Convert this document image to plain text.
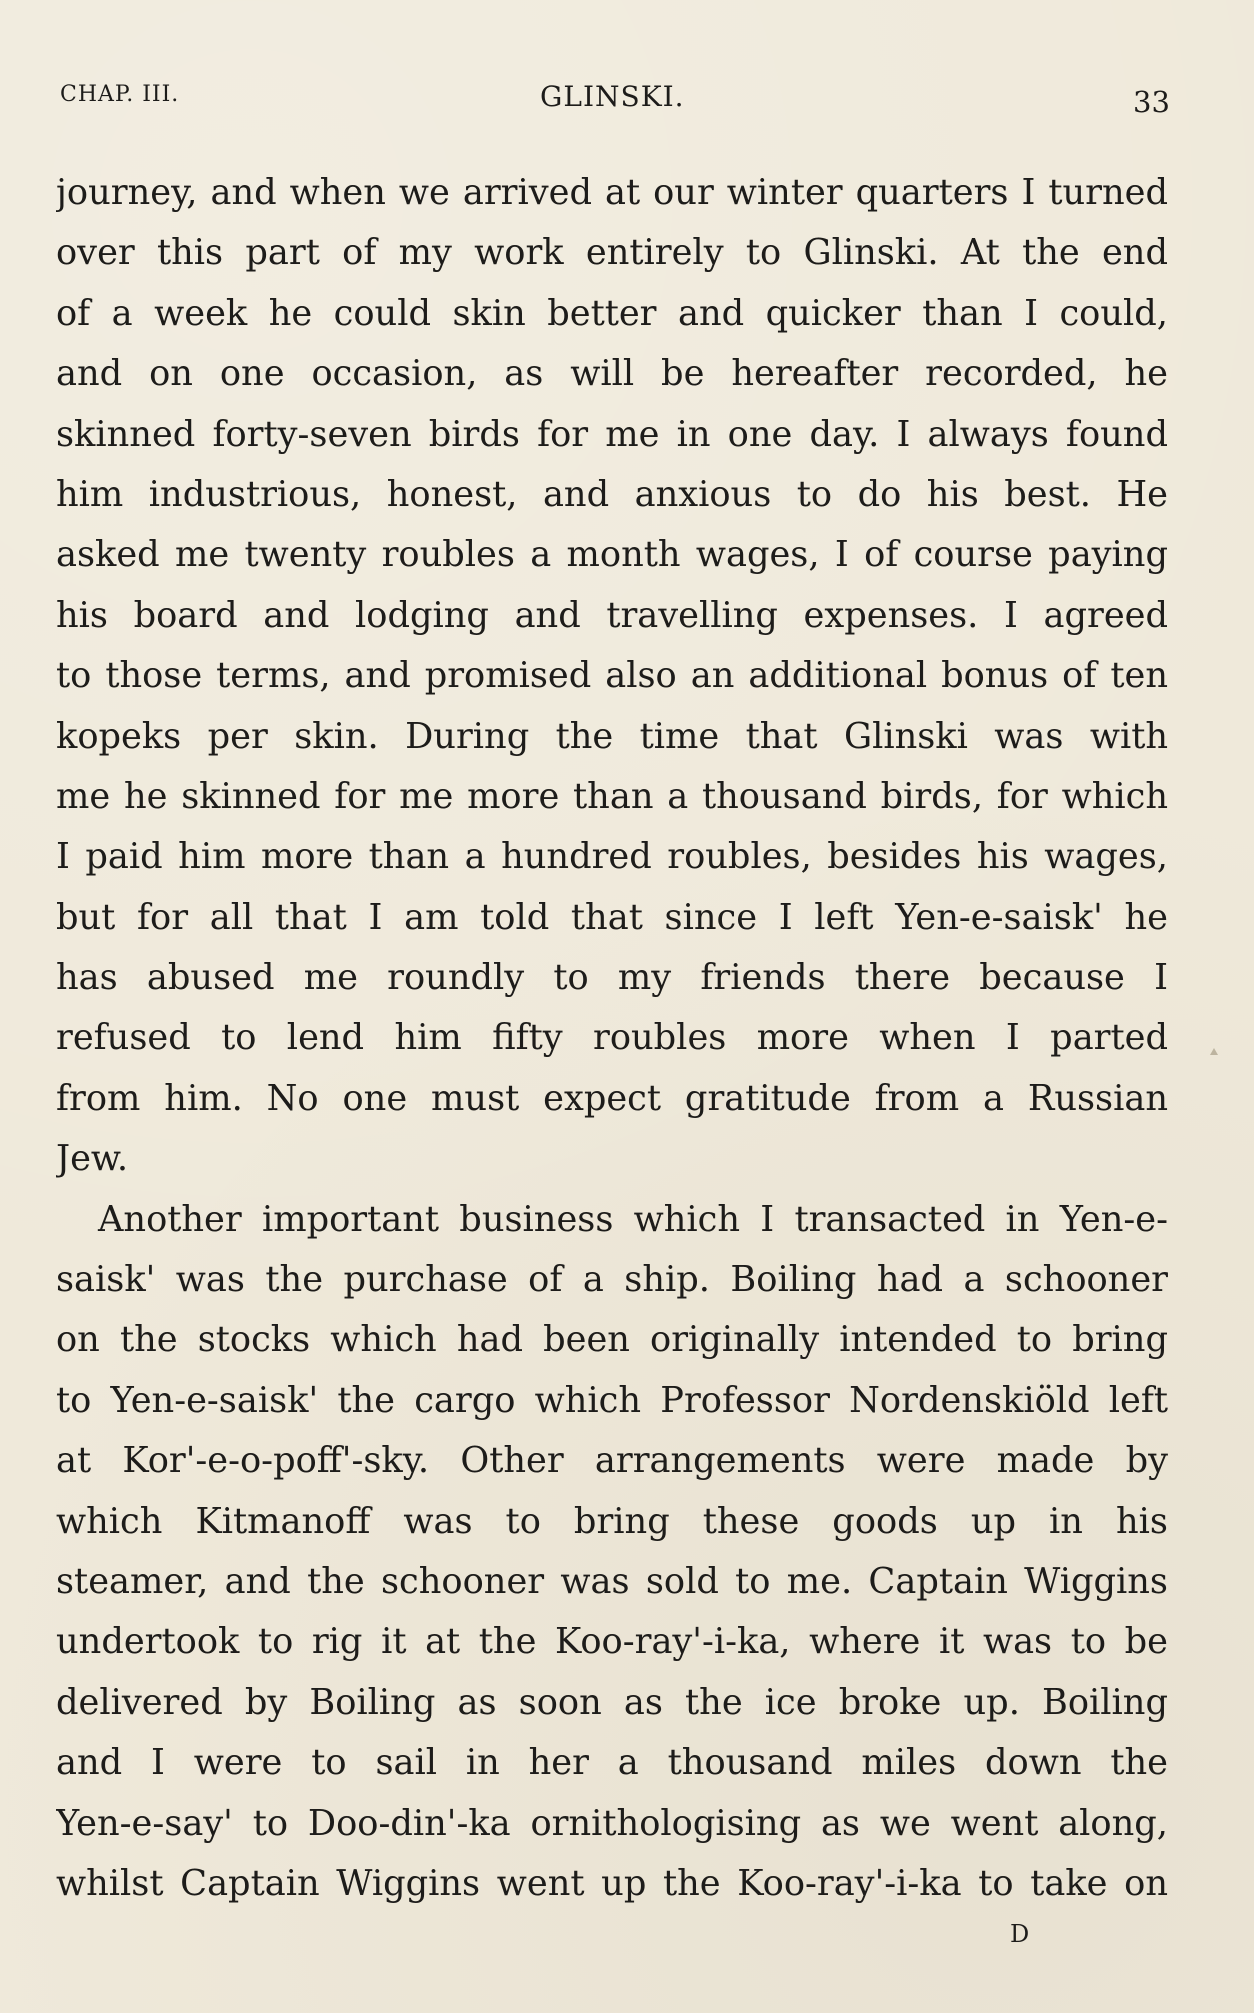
CHAP. III.	GLINSKI.	33
journey, and when we arrived at our winter quarters I turned
over this part of my work entirely to Glinski. At the end
of a week he could skin better and quicker than I could,
and on one occasion, as will be hereafter recorded, he
skinned forty-seven birds for me in one day. I always found
him industrious, honest, and anxious to do his best. He
asked me twenty roubles a month wages, I of course paying
his board and lodging and travelling expenses. I agreed
to those terms, and promised also an additional bonus of ten
kopeks per skin. During the time that Glinski was with
me he skinned for me more than a thousand birds, for which
I paid him more than a hundred roubles, besides his wages,
but for all that I am told that since I left Yen-e-saisk' he
has abused me roundly to my friends there because I
refused to lend him fifty roubles more when I parted
from him. No one must expect gratitude from a Russian
Jew.
Another important business which I transacted in Yen-e-
saisk' was the purchase of a ship. Boiling had a schooner
on the stocks which had been originally intended to bring
to Yen-e-saisk' the cargo which Professor Nordenskiöld left
at Kor'-e-o-poff'-sky. Other arrangements were made by
which Kitmanoff was to bring these goods up in his
steamer, and the schooner was sold to me. Captain Wiggins
undertook to rig it at the Koo-ray'-i-ka, where it was to be
delivered by Boiling as soon as the ice broke up. Boiling
and I were to sail in her a thousand miles down the
Yen-e-say' to Doo-din'-ka ornithologising as we went along,
whilst Captain Wiggins went up the Koo-ray'-i-ka to take on
D
